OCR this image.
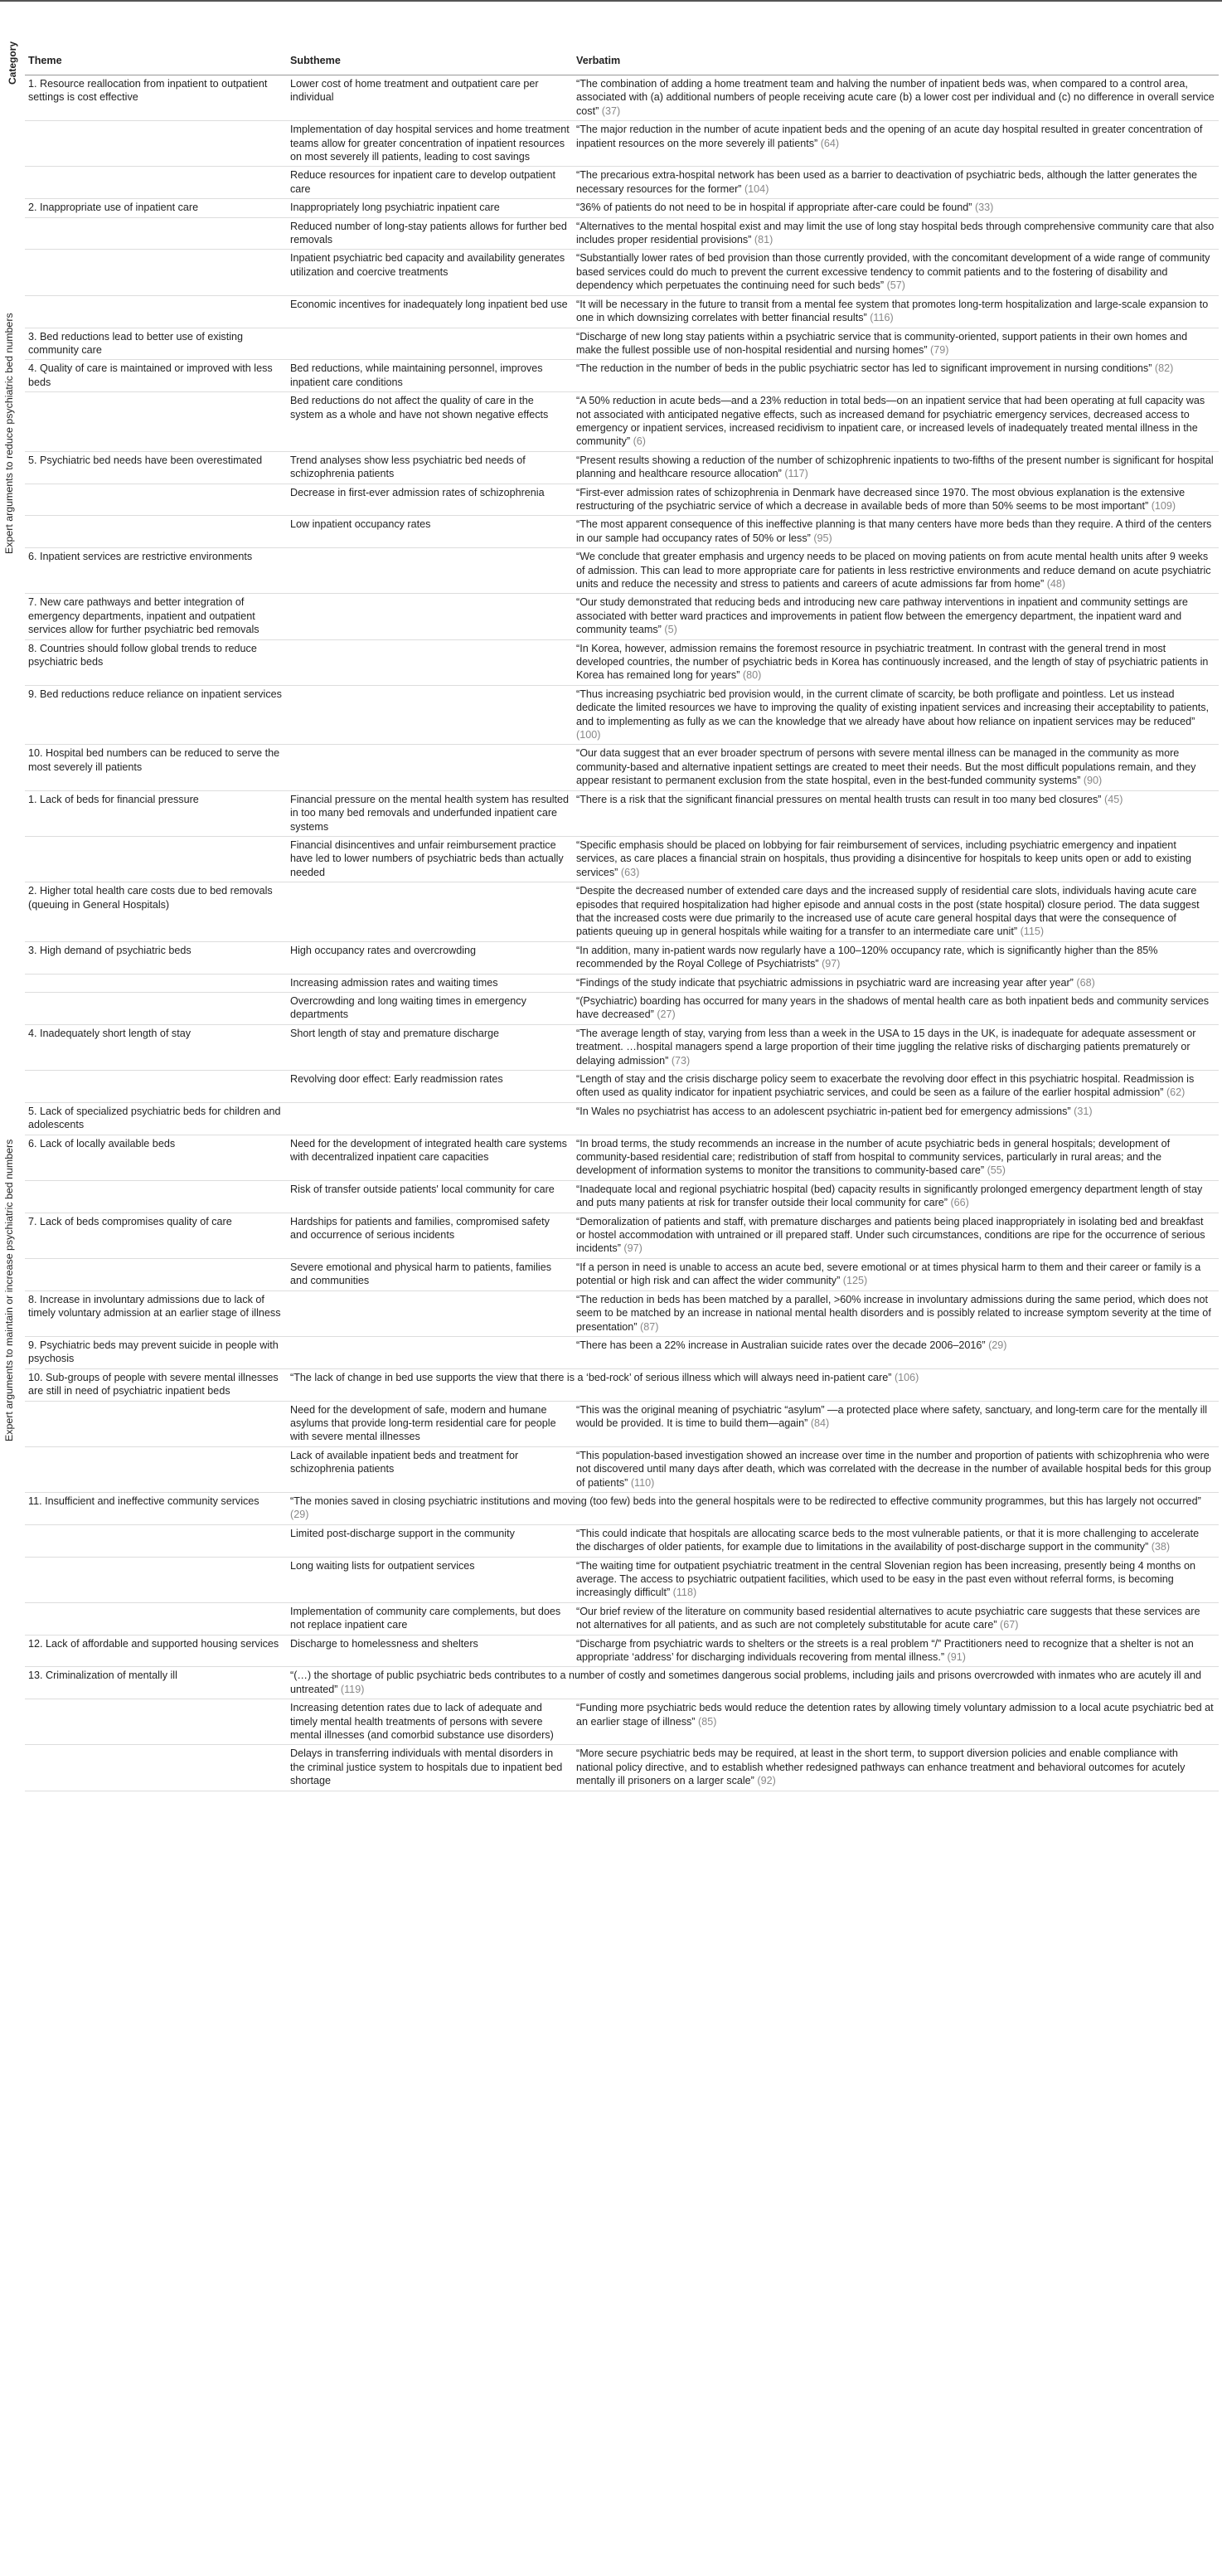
Category
Expert arguments to reduce psychiatric bed numbers
Expert arguments to maintain or increase psychiatric bed numbers
Theme	Subtheme	Verbatim
1. Resource reallocation from inpatient to outpatient settings is cost effective	Lower cost of home treatment and outpatient care per individual	“The combination of adding a home treatment team and halving the number of inpatient beds was, when compared to a control area, associated with (a) additional numbers of people receiving acute care (b) a lower cost per individual and (c) no difference in overall service cost” (37)
	Implementation of day hospital services and home treatment teams allow for greater concentration of inpatient resources on most severely ill patients, leading to cost savings	“The major reduction in the number of acute inpatient beds and the opening of an acute day hospital resulted in greater concentration of inpatient resources on the more severely ill patients” (64)
	Reduce resources for inpatient care to develop outpatient care	“The precarious extra-hospital network has been used as a barrier to deactivation of psychiatric beds, although the latter generates the necessary resources for the former” (104)
2. Inappropriate use of inpatient care	Inappropriately long psychiatric inpatient care	“36% of patients do not need to be in hospital if appropriate after-care could be found” (33)
	Reduced number of long-stay patients allows for further bed removals	“Alternatives to the mental hospital exist and may limit the use of long stay hospital beds through comprehensive community care that also includes proper residential provisions” (81)
	Inpatient psychiatric bed capacity and availability generates utilization and coercive treatments	“Substantially lower rates of bed provision than those currently provided, with the concomitant development of a wide range of community based services could do much to prevent the current excessive tendency to commit patients and to the fostering of disability and dependency which perpetuates the continuing need for such beds” (57)
	Economic incentives for inadequately long inpatient bed use	“It will be necessary in the future to transit from a mental fee system that promotes long-term hospitalization and large-scale expansion to one in which downsizing correlates with better financial results” (116)
3. Bed reductions lead to better use of existing community care		“Discharge of new long stay patients within a psychiatric service that is community-oriented, support patients in their own homes and make the fullest possible use of non-hospital residential and nursing homes” (79)
4. Quality of care is maintained or improved with less beds	Bed reductions, while maintaining personnel, improves inpatient care conditions	“The reduction in the number of beds in the public psychiatric sector has led to significant improvement in nursing conditions” (82)
	Bed reductions do not affect the quality of care in the system as a whole and have not shown negative effects	“A 50% reduction in acute beds—and a 23% reduction in total beds—on an inpatient service that had been operating at full capacity was not associated with anticipated negative effects, such as increased demand for psychiatric emergency services, decreased access to emergency or inpatient services, increased recidivism to inpatient care, or increased levels of inadequately treated mental illness in the community” (6)
5. Psychiatric bed needs have been overestimated	Trend analyses show less psychiatric bed needs of schizophrenia patients	“Present results showing a reduction of the number of schizophrenic inpatients to two-fifths of the present number is significant for hospital planning and healthcare resource allocation” (117)
	Decrease in first-ever admission rates of schizophrenia	“First-ever admission rates of schizophrenia in Denmark have decreased since 1970. The most obvious explanation is the extensive restructuring of the psychiatric service of which a decrease in available beds of more than 50% seems to be most important” (109)
	Low inpatient occupancy rates	“The most apparent consequence of this ineffective planning is that many centers have more beds than they require. A third of the centers in our sample had occupancy rates of 50% or less” (95)
6. Inpatient services are restrictive environments		“We conclude that greater emphasis and urgency needs to be placed on moving patients on from acute mental health units after 9 weeks of admission. This can lead to more appropriate care for patients in less restrictive environments and reduce demand on acute psychiatric units and reduce the necessity and stress to patients and careers of acute admissions far from home” (48)
7. New care pathways and better integration of emergency departments, inpatient and outpatient services allow for further psychiatric bed removals		“Our study demonstrated that reducing beds and introducing new care pathway interventions in inpatient and community settings are associated with better ward practices and improvements in patient flow between the emergency department, the inpatient ward and community teams” (5)
8. Countries should follow global trends to reduce psychiatric beds		“In Korea, however, admission remains the foremost resource in psychiatric treatment. In contrast with the general trend in most developed countries, the number of psychiatric beds in Korea has continuously increased, and the length of stay of psychiatric patients in Korea has remained long for years” (80)
9. Bed reductions reduce reliance on inpatient services		“Thus increasing psychiatric bed provision would, in the current climate of scarcity, be both profligate and pointless. Let us instead dedicate the limited resources we have to improving the quality of existing inpatient services and increasing their acceptability to patients, and to implementing as fully as we can the knowledge that we already have about how reliance on inpatient services may be reduced” (100)
10. Hospital bed numbers can be reduced to serve the most severely ill patients		“Our data suggest that an ever broader spectrum of persons with severe mental illness can be managed in the community as more community-based and alternative inpatient settings are created to meet their needs. But the most difficult populations remain, and they appear resistant to permanent exclusion from the state hospital, even in the best-funded community systems” (90)
1. Lack of beds for financial pressure	Financial pressure on the mental health system has resulted in too many bed removals and underfunded inpatient care systems	“There is a risk that the significant financial pressures on mental health trusts can result in too many bed closures” (45)
	Financial disincentives and unfair reimbursement practice have led to lower numbers of psychiatric beds than actually needed	“Specific emphasis should be placed on lobbying for fair reimbursement of services, including psychiatric emergency and inpatient services, as care places a financial strain on hospitals, thus providing a disincentive for hospitals to keep units open or add to existing services” (63)
2. Higher total health care costs due to bed removals (queuing in General Hospitals)		“Despite the decreased number of extended care days and the increased supply of residential care slots, individuals having acute care episodes that required hospitalization had higher episode and annual costs in the post (state hospital) closure period. The data suggest that the increased costs were due primarily to the increased use of acute care general hospital days that were the consequence of patients queuing up in general hospitals while waiting for a transfer to an intermediate care unit” (115)
3. High demand of psychiatric beds	High occupancy rates and overcrowding	“In addition, many in-patient wards now regularly have a 100–120% occupancy rate, which is significantly higher than the 85% recommended by the Royal College of Psychiatrists” (97)
	Increasing admission rates and waiting times	“Findings of the study indicate that psychiatric admissions in psychiatric ward are increasing year after year” (68)
	Overcrowding and long waiting times in emergency departments	“(Psychiatric) boarding has occurred for many years in the shadows of mental health care as both inpatient beds and community services have decreased” (27)
4. Inadequately short length of stay	Short length of stay and premature discharge	“The average length of stay, varying from less than a week in the USA to 15 days in the UK, is inadequate for adequate assessment or treatment. …hospital managers spend a large proportion of their time juggling the relative risks of discharging patients prematurely or delaying admission” (73)
	Revolving door effect: Early readmission rates	“Length of stay and the crisis discharge policy seem to exacerbate the revolving door effect in this psychiatric hospital. Readmission is often used as quality indicator for inpatient psychiatric services, and could be seen as a failure of the earlier hospital admission” (62)
5. Lack of specialized psychiatric beds for children and adolescents		“In Wales no psychiatrist has access to an adolescent psychiatric in-patient bed for emergency admissions” (31)
6. Lack of locally available beds	Need for the development of integrated health care systems with decentralized inpatient care capacities	“In broad terms, the study recommends an increase in the number of acute psychiatric beds in general hospitals; development of community-based residential care; redistribution of staff from hospital to community services, particularly in rural areas; and the development of information systems to monitor the transitions to community-based care” (55)
	Risk of transfer outside patients' local community for care	“Inadequate local and regional psychiatric hospital (bed) capacity results in significantly prolonged emergency department length of stay and puts many patients at risk for transfer outside their local community for care” (66)
7. Lack of beds compromises quality of care	Hardships for patients and families, compromised safety and occurrence of serious incidents	“Demoralization of patients and staff, with premature discharges and patients being placed inappropriately in isolating bed and breakfast or hostel accommodation with untrained or ill prepared staff. Under such circumstances, conditions are ripe for the occurrence of serious incidents” (97)
	Severe emotional and physical harm to patients, families and communities	“If a person in need is unable to access an acute bed, severe emotional or at times physical harm to them and their career or family is a potential or high risk and can affect the wider community” (125)
8. Increase in involuntary admissions due to lack of timely voluntary admission at an earlier stage of illness		“The reduction in beds has been matched by a parallel, >60% increase in involuntary admissions during the same period, which does not seem to be matched by an increase in national mental health disorders and is possibly related to increase symptom severity at the time of presentation” (87)
9. Psychiatric beds may prevent suicide in people with psychosis		“There has been a 22% increase in Australian suicide rates over the decade 2006–2016” (29)
10. Sub-groups of people with severe mental illnesses are still in need of psychiatric inpatient beds	“The lack of change in bed use supports the view that there is a ‘bed-rock’ of serious illness which will always need in-patient care” (106)	
	Need for the development of safe, modern and humane asylums that provide long-term residential care for people with severe mental illnesses	“This was the original meaning of psychiatric “asylum” —a protected place where safety, sanctuary, and long-term care for the mentally ill would be provided. It is time to build them—again” (84)
	Lack of available inpatient beds and treatment for schizophrenia patients	“This population-based investigation showed an increase over time in the number and proportion of patients with schizophrenia who were not discovered until many days after death, which was correlated with the decrease in the number of available hospital beds for this group of patients” (110)
11. Insufficient and ineffective community services	“The monies saved in closing psychiatric institutions and moving (too few) beds into the general hospitals were to be redirected to effective community programmes, but this has largely not occurred” (29)	
	Limited post-discharge support in the community	“This could indicate that hospitals are allocating scarce beds to the most vulnerable patients, or that it is more challenging to accelerate the discharges of older patients, for example due to limitations in the availability of post-discharge support in the community” (38)
	Long waiting lists for outpatient services	“The waiting time for outpatient psychiatric treatment in the central Slovenian region has been increasing, presently being 4 months on average. The access to psychiatric outpatient facilities, which used to be easy in the past even without referral forms, is becoming increasingly difficult” (118)
	Implementation of community care complements, but does not replace inpatient care	“Our brief review of the literature on community based residential alternatives to acute psychiatric care suggests that these services are not alternatives for all patients, and as such are not completely substitutable for acute care” (67)
12. Lack of affordable and supported housing services	Discharge to homelessness and shelters	“Discharge from psychiatric wards to shelters or the streets is a real problem “/” Practitioners need to recognize that a shelter is not an appropriate ‘address’ for discharging individuals recovering from mental illness.” (91)
13. Criminalization of mentally ill	“(…) the shortage of public psychiatric beds contributes to a number of costly and sometimes dangerous social problems, including jails and prisons overcrowded with inmates who are acutely ill and untreated” (119)	
	Increasing detention rates due to lack of adequate and timely mental health treatments of persons with severe mental illnesses (and comorbid substance use disorders)	“Funding more psychiatric beds would reduce the detention rates by allowing timely voluntary admission to a local acute psychiatric bed at an earlier stage of illness” (85)
	Delays in transferring individuals with mental disorders in the criminal justice system to hospitals due to inpatient bed shortage	“More secure psychiatric beds may be required, at least in the short term, to support diversion policies and enable compliance with national policy directive, and to establish whether redesigned pathways can enhance treatment and behavioral outcomes for acutely mentally ill prisoners on a larger scale” (92)
